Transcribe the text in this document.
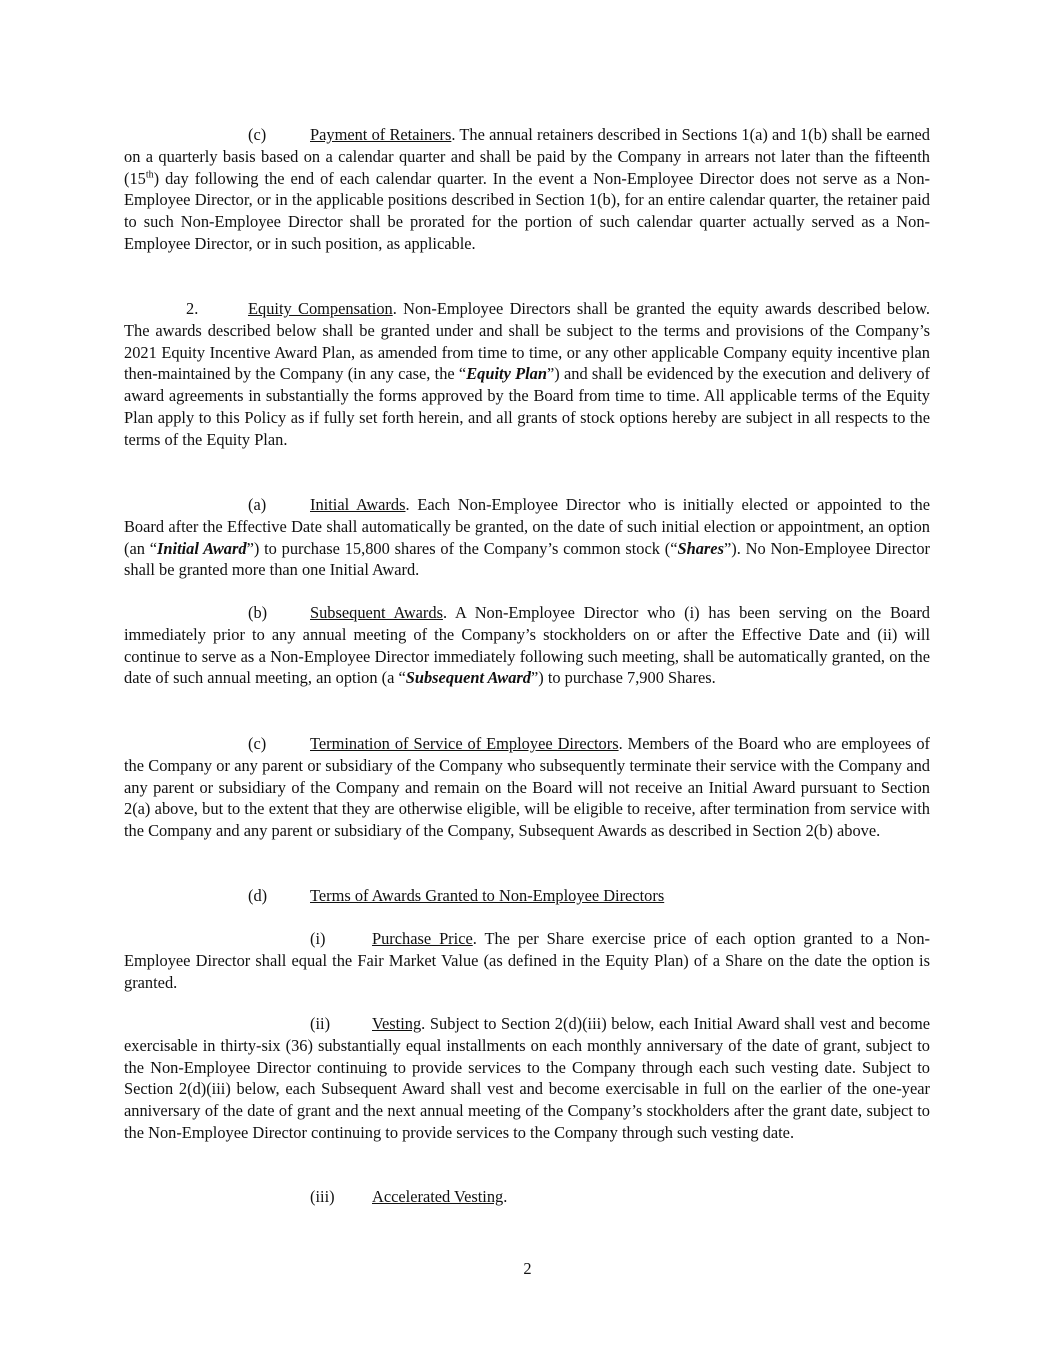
(c)	Payment of Retainers. The annual retainers described in Sections 1(a) and 1(b) shall be earned on a quarterly basis based on a calendar quarter and shall be paid by the Company in arrears not later than the fifteenth (15th) day following the end of each calendar quarter. In the event a Non-Employee Director does not serve as a Non-Employee Director, or in the applicable positions described in Section 1(b), for an entire calendar quarter, the retainer paid to such Non-Employee Director shall be prorated for the portion of such calendar quarter actually served as a Non-Employee Director, or in such position, as applicable.

2.	Equity Compensation. Non-Employee Directors shall be granted the equity awards described below. The awards described below shall be granted under and shall be subject to the terms and provisions of the Company’s 2021 Equity Incentive Award Plan, as amended from time to time, or any other applicable Company equity incentive plan then-maintained by the Company (in any case, the “Equity Plan”) and shall be evidenced by the execution and delivery of award agreements in substantially the forms approved by the Board from time to time. All applicable terms of the Equity Plan apply to this Policy as if fully set forth herein, and all grants of stock options hereby are subject in all respects to the terms of the Equity Plan.

(a)	Initial Awards. Each Non-Employee Director who is initially elected or appointed to the Board after the Effective Date shall automatically be granted, on the date of such initial election or appointment, an option (an “Initial Award”) to purchase 15,800 shares of the Company’s common stock (“Shares”). No Non-Employee Director shall be granted more than one Initial Award.

(b)	Subsequent Awards. A Non-Employee Director who (i) has been serving on the Board immediately prior to any annual meeting of the Company’s stockholders on or after the Effective Date and (ii) will continue to serve as a Non-Employee Director immediately following such meeting, shall be automatically granted, on the date of such annual meeting, an option (a “Subsequent Award”) to purchase 7,900 Shares.

(c)	Termination of Service of Employee Directors. Members of the Board who are employees of the Company or any parent or subsidiary of the Company who subsequently terminate their service with the Company and any parent or subsidiary of the Company and remain on the Board will not receive an Initial Award pursuant to Section 2(a) above, but to the extent that they are otherwise eligible, will be eligible to receive, after termination from service with the Company and any parent or subsidiary of the Company, Subsequent Awards as described in Section 2(b) above.

(d)	Terms of Awards Granted to Non-Employee Directors

(i)	Purchase Price. The per Share exercise price of each option granted to a Non-Employee Director shall equal the Fair Market Value (as defined in the Equity Plan) of a Share on the date the option is granted.

(ii)	Vesting. Subject to Section 2(d)(iii) below, each Initial Award shall vest and become exercisable in thirty-six (36) substantially equal installments on each monthly anniversary of the date of grant, subject to the Non-Employee Director continuing to provide services to the Company through each such vesting date. Subject to Section 2(d)(iii) below, each Subsequent Award shall vest and become exercisable in full on the earlier of the one-year anniversary of the date of grant and the next annual meeting of the Company’s stockholders after the grant date, subject to the Non-Employee Director continuing to provide services to the Company through such vesting date.

(iii) Accelerated Vesting.

2
